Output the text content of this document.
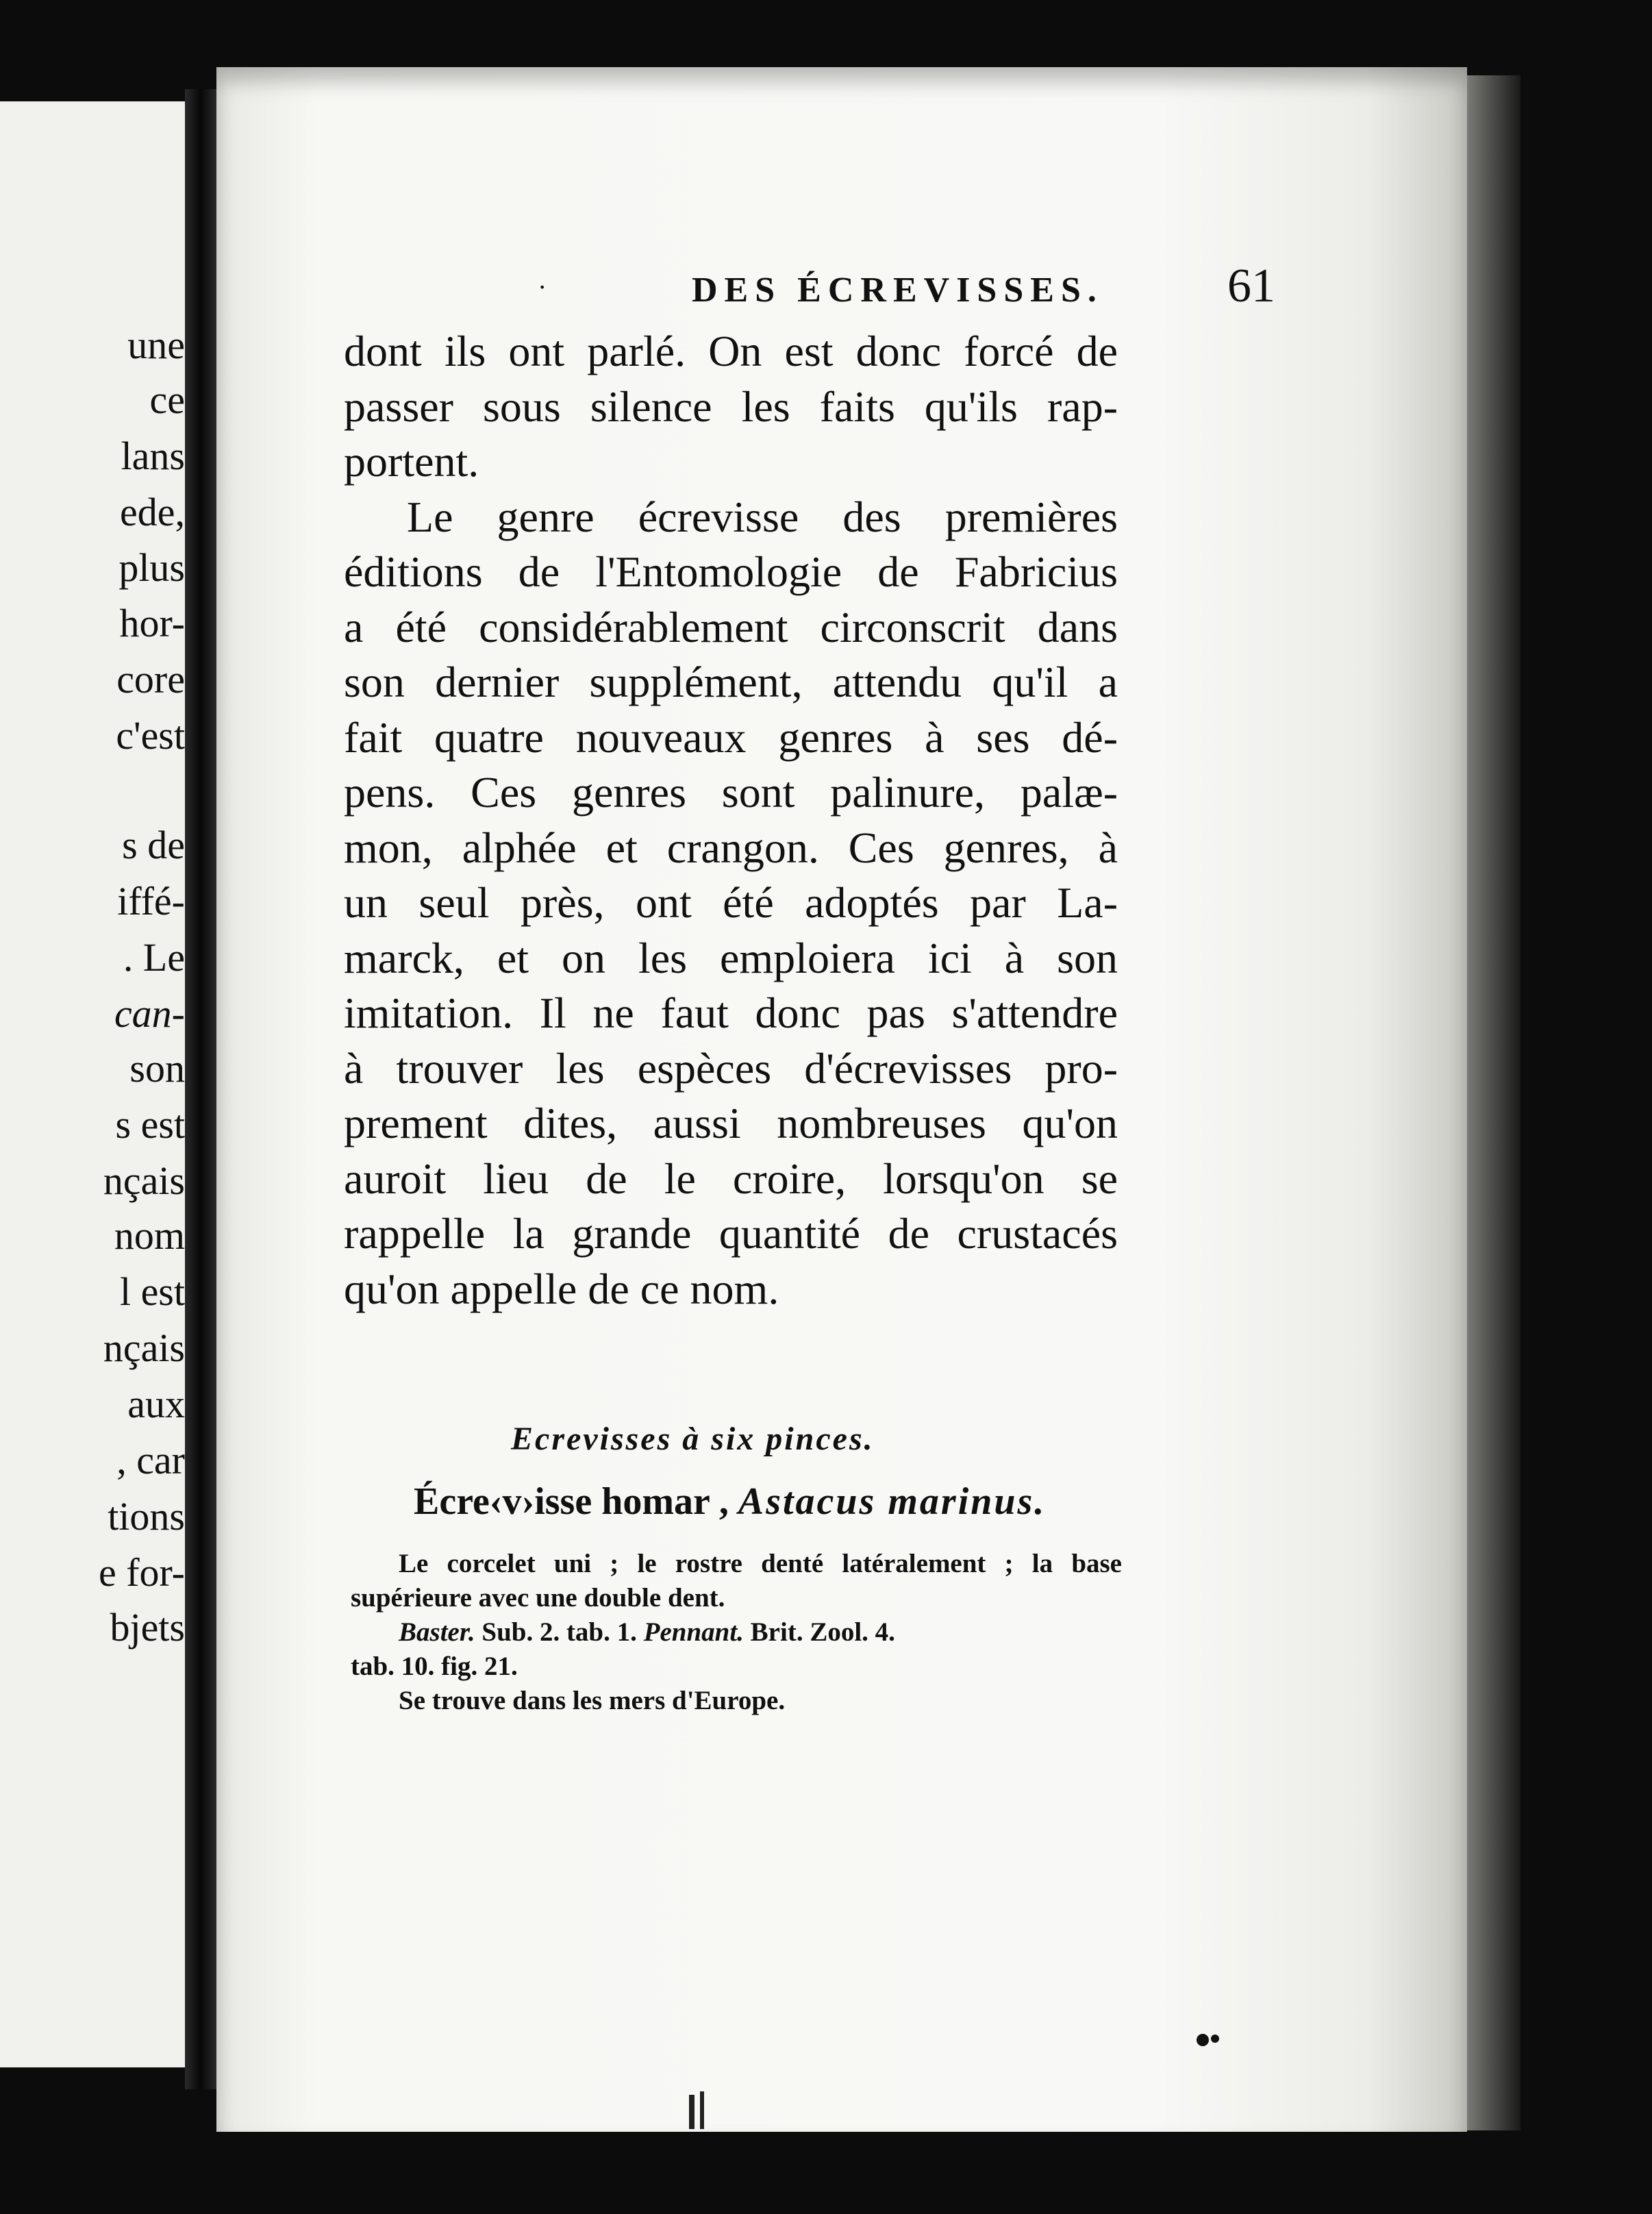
une

ce

lans

ede,

plus

hor-

core

c'est

s de

iffé-

. Le

can-

son

s est

nçais

nom

l est

nçais

aux

, car

tions

e for-

bjets

·	DES ÉCREVISSES.	61
dont ils ont parlé. On est donc forcé de
passer sous silence les faits qu'ils rap-
portent.
Le genre écrevisse des premières
éditions de l'Entomologie de Fabricius
a été considérablement circonscrit dans
son dernier supplément, attendu qu'il a
fait quatre nouveaux genres à ses dé-
pens. Ces genres sont palinure, palæ-
mon, alphée et crangon. Ces genres, à
un seul près, ont été adoptés par La-
marck, et on les emploiera ici à son
imitation. Il ne faut donc pas s'attendre
à trouver les espèces d'écrevisses pro-
prement dites, aussi nombreuses qu'on
auroit lieu de le croire, lorsqu'on se
rappelle la grande quantité de crustacés
qu'on appelle de ce nom.
Ecrevisses à six pinces.
Écre‹v›isse homar , Astacus marinus.
Le corcelet uni ; le rostre denté latéralement ; la base
supérieure avec une double dent.
Baster. Sub. 2. tab. 1. Pennant. Brit. Zool. 4.
tab. 10. fig. 21.
Se trouve dans les mers d'Europe.
